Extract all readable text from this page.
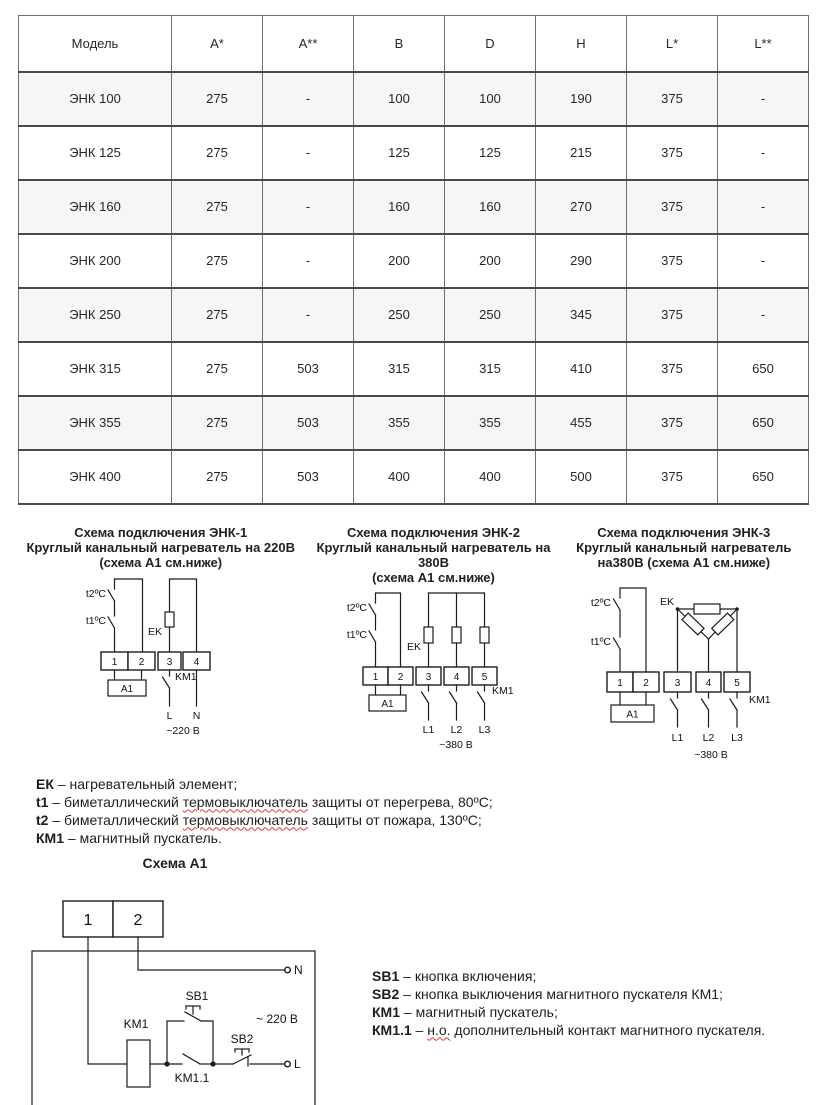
Модель	A*	A**	B	D	H	L*	L**
ЭНК 100	275	-	100	100	190	375	-
ЭНК 125	275	-	125	125	215	375	-
ЭНК 160	275	-	160	160	270	375	-
ЭНК 200	275	-	200	200	290	375	-
ЭНК 250	275	-	250	250	345	375	-
ЭНК 315	275	503	315	315	410	375	650
ЭНК 355	275	503	355	355	455	375	650
ЭНК 400	275	503	400	400	500	375	650
Схема подключения ЭНК-1
Круглый канальный нагреватель на 220В
(схема А1 см.ниже)
t2ºC
t1ºC
EK
1 2 3 4
А1
KM1
L N
~220 В
Схема подключения ЭНК-2
Круглый канальный нагреватель на 380В
(схема А1 см.ниже)
t2ºC
t1ºC
EK
1 2 3 4 5
А1
KM1
L1 L2 L3
~380 В
Схема подключения ЭНК-3
Круглый канальный нагреватель
на380В (схема А1 см.ниже)
t2ºC
t1ºC
EK
1 2	3	4 5
А1
KM1
L1 L2 L3
~380 В
ЕК – нагревательный элемент;
t1 – биметаллический термовыключатель защиты от перегрева, 80ºС;
t2 – биметаллический термовыключатель защиты от пожара, 130ºС;
КМ1 – магнитный пускатель.
Схема А1
1	2
N
KM1
KM1.1
SB1
SB2
L
~ 220 В
SB1 – кнопка включения;
SB2 – кнопка выключения магнитного пускателя КМ1;
КМ1 – магнитный пускатель;
КМ1.1 – н.о. дополнительный контакт магнитного пускателя.
